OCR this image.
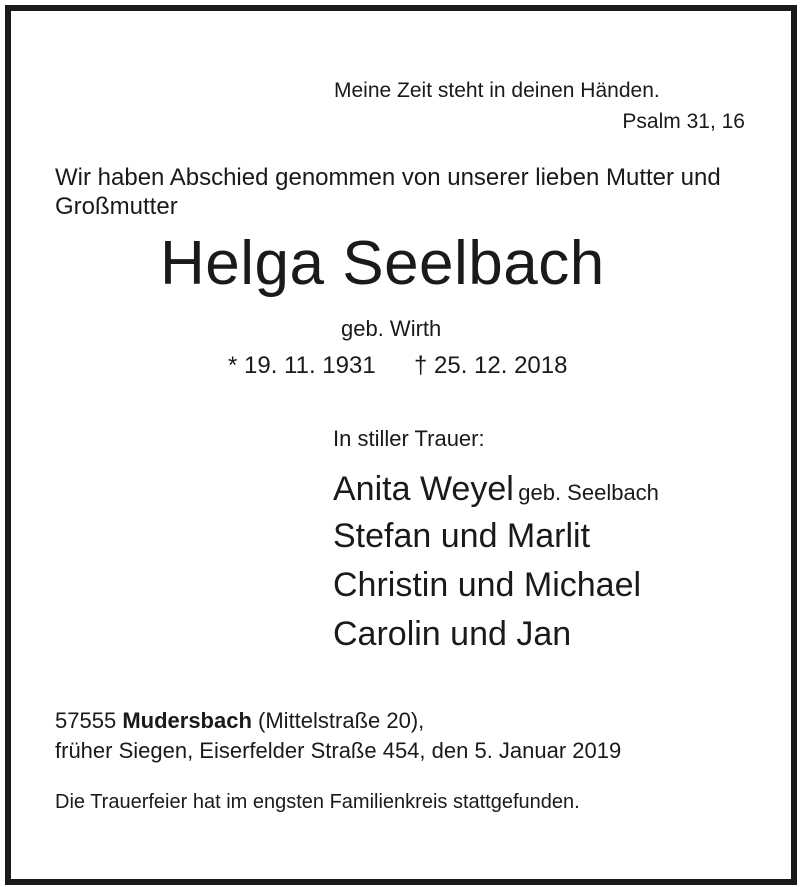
Meine Zeit steht in deinen Händen.
Psalm 31, 16
Wir haben Abschied genommen von unserer lieben Mutter und
Großmutter
Helga Seelbach
geb. Wirth
* 19. 11. 1931 † 25. 12. 2018
In stiller Trauer:
Anita Weyel geb. Seelbach
Stefan und Marlit
Christin und Michael
Carolin und Jan
57555 Mudersbach (Mittelstraße 20),
früher Siegen, Eiserfelder Straße 454, den 5. Januar 2019
Die Trauerfeier hat im engsten Familienkreis stattgefunden.
